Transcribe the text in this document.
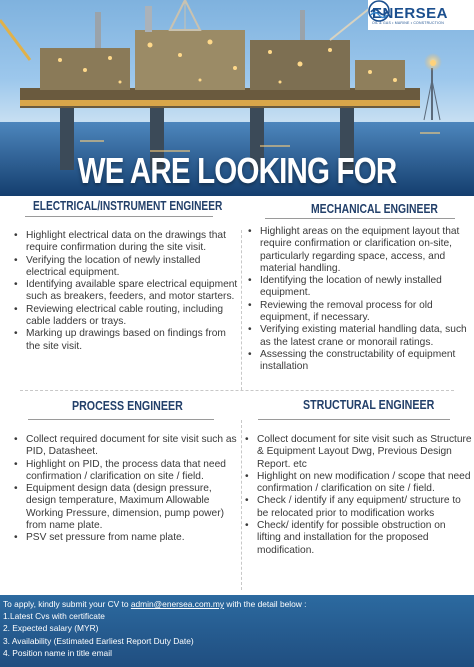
ENERSEA
OIL & GAS • MARINE • CONSTRUCTION
WE ARE LOOKING FOR
ELECTRICAL/INSTRUMENT ENGINEER
• Highlight electrical data on the drawings that require confirmation during the site visit.
• Verifying the location of newly installed electrical equipment.
• Identifying available spare electrical equipment such as breakers, feeders, and motor starters.
• Reviewing electrical cable routing, including cable ladders or trays.
• Marking up drawings based on findings from the site visit.
MECHANICAL ENGINEER
• Highlight areas on the equipment layout that require confirmation or clarification on-site, particularly regarding space, access, and material handling.
• Identifying the location of newly installed equipment.
• Reviewing the removal process for old equipment, if necessary.
• Verifying existing material handling data, such as the latest crane or monorail ratings.
• Assessing the constructability of equipment installation
PROCESS ENGINEER
• Collect required document for site visit such as PID, Datasheet.
• Highlight on PID, the process data that need confirmation / clarification on site / field.
• Equipment design data (design pressure, design temperature, Maximum Allowable Working Pressure, dimension, pump power) from name plate.
• PSV set pressure from name plate.
STRUCTURAL ENGINEER
• Collect document for site visit such as Structure & Equipment Layout Dwg, Previous Design Report. etc
• Highlight on new modification / scope that need confirmation / clarification on site / field.
• Check / identify if any equipment/ structure to be relocated prior to modification works
• Check/ identify for possible obstruction on lifting and installation for the proposed modification.
To apply, kindly submit your CV to admin@enersea.com.my with the detail below :
1.Latest Cvs with certificate
2. Expected salary (MYR)
3. Availability (Estimated Earliest Report Duty Date)
4. Position name in title email
